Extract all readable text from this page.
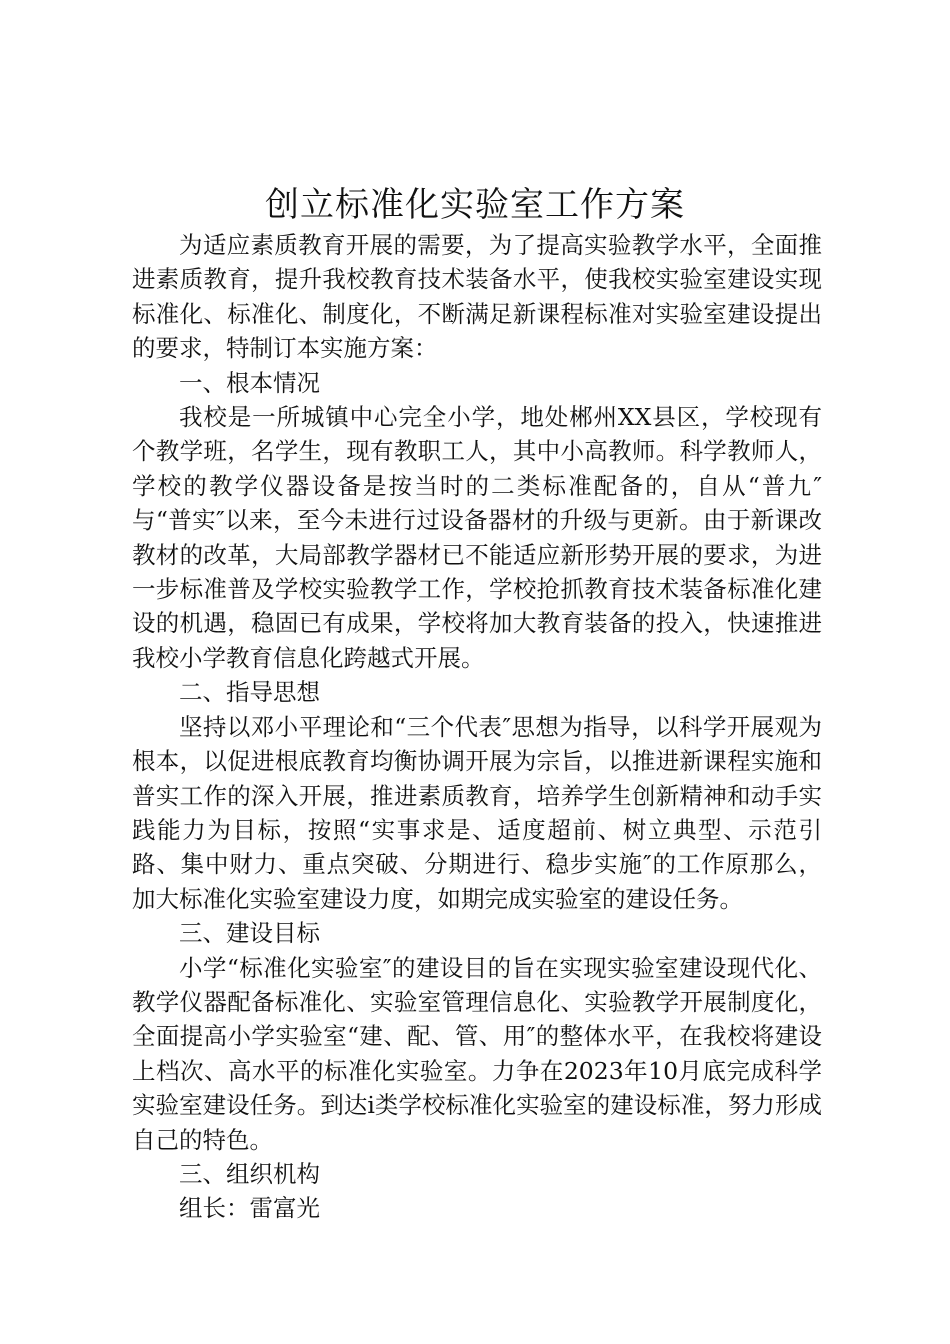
创立标准化实验室工作方案

为适应素质教育开展的需要，为了提高实验教学水平，全面推进素质教育，提升我校教育技术装备水平，使我校实验室建设实现标准化、标准化、制度化，不断满足新课程标准对实验室建设提出的要求，特制订本实施方案：

一、根本情况

我校是一所城镇中心完全小学，地处郴州XX县区，学校现有个教学班，名学生，现有教职工人，其中小高教师。科学教师人，学校的教学仪器设备是按当时的二类标准配备的，自从“普九″与“普实″以来，至今未进行过设备器材的升级与更新。由于新课改教材的改革，大局部教学器材已不能适应新形势开展的要求，为进一步标准普及学校实验教学工作，学校抢抓教育技术装备标准化建设的机遇，稳固已有成果，学校将加大教育装备的投入，快速推进我校小学教育信息化跨越式开展。

二、指导思想

坚持以邓小平理论和“三个代表″思想为指导，以科学开展观为根本，以促进根底教育均衡协调开展为宗旨，以推进新课程实施和普实工作的深入开展，推进素质教育，培养学生创新精神和动手实践能力为目标，按照“实事求是、适度超前、树立典型、示范引路、集中财力、重点突破、分期进行、稳步实施″的工作原那么，加大标准化实验室建设力度，如期完成实验室的建设任务。

三、建设目标

小学“标准化实验室″的建设目的旨在实现实验室建设现代化、教学仪器配备标准化、实验室管理信息化、实验教学开展制度化，全面提高小学实验室“建、配、管、用″的整体水平，在我校将建设上档次、高水平的标准化实验室。力争在2023年10月底完成科学实验室建设任务。到达ⅰ类学校标准化实验室的建设标准，努力形成自己的特色。

三、组织机构

组长：雷富光
